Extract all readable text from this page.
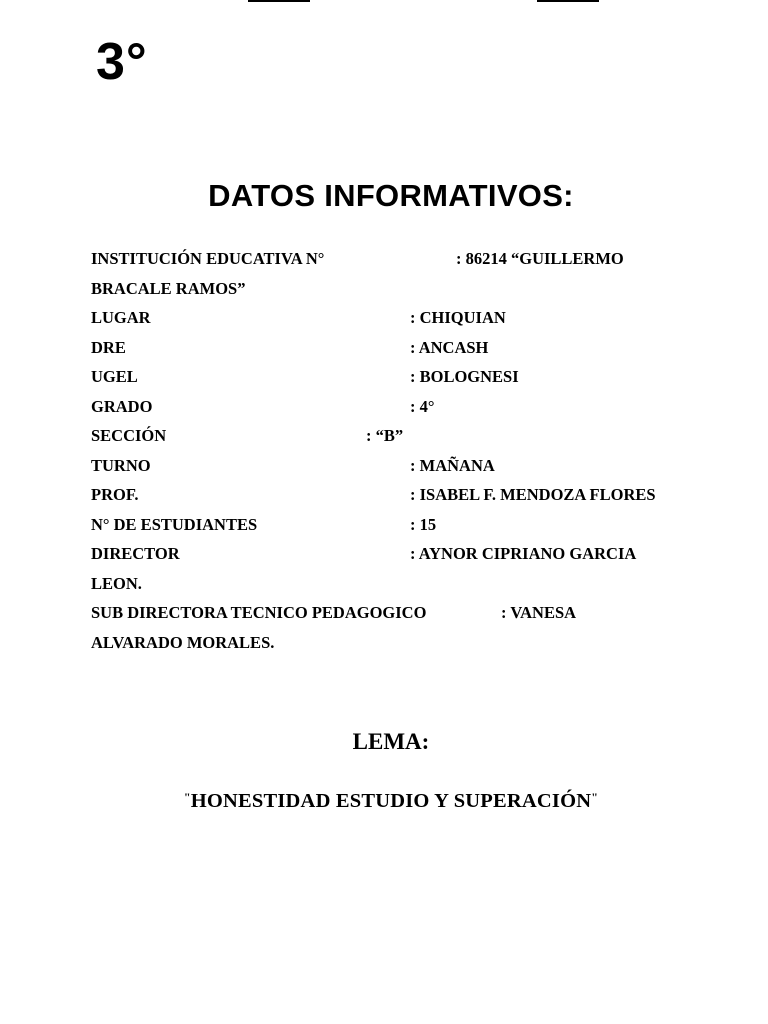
3°
DATOS INFORMATIVOS:
INSTITUCIÓN EDUCATIVA N°	: 86214 “GUILLERMO
BRACALE RAMOS”
LUGAR	: CHIQUIAN
DRE	: ANCASH
UGEL	: BOLOGNESI
GRADO	: 4°
SECCIÓN	: “B”
TURNO	: MAÑANA
PROF.	: ISABEL F. MENDOZA FLORES
N° DE ESTUDIANTES	: 15
DIRECTOR	: AYNOR CIPRIANO GARCIA
LEON.
SUB DIRECTORA TECNICO PEDAGOGICO	: VANESA
ALVARADO MORALES.
LEMA:
"HONESTIDAD ESTUDIO Y SUPERACIÓN"
